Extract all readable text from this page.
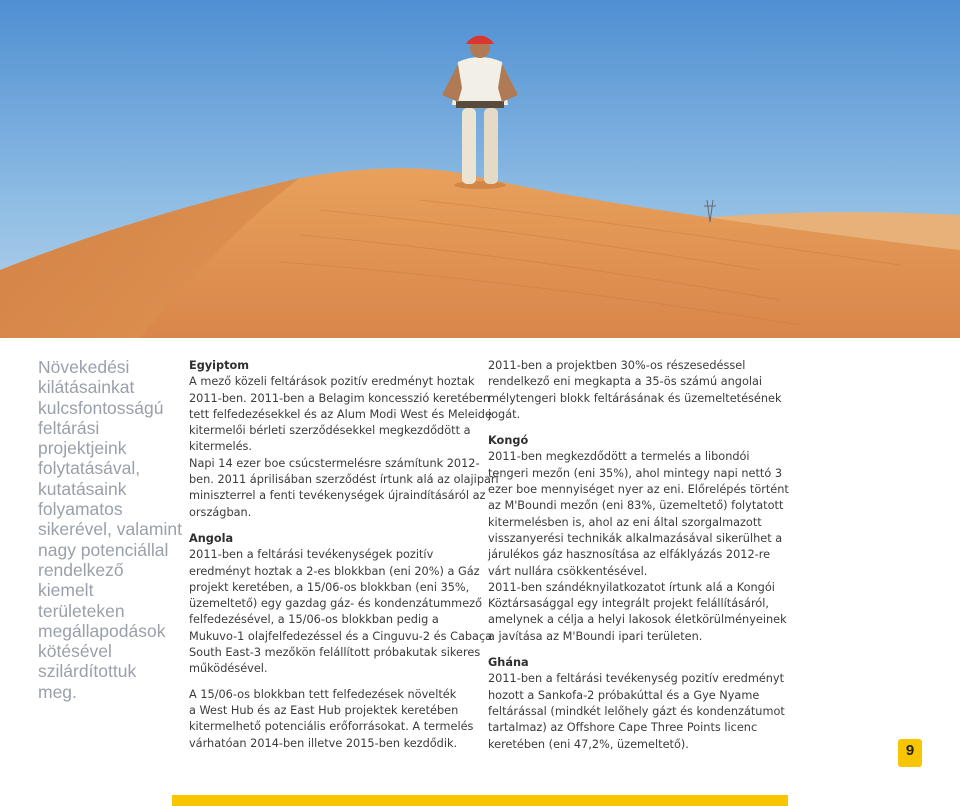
Növekedési
kilátásainkat
kulcsfontosságú
feltárási
projektjeink
folytatásával,
kutatásaink
folyamatos
sikerével, valamint
nagy potenciállal
rendelkező
kiemelt
területeken
megállapodások
kötésével
szilárdítottuk
meg.
Egyiptom
A mező közeli feltárások pozitív eredményt hoztak
2011-ben. 2011-ben a Belagim koncesszió keretében
tett felfedezésekkel és az Alum Modi West és Meleide
kitermelői bérleti szerződésekkel megkezdődött a
kitermelés.
Napi 14 ezer boe csúcstermelésre számítunk 2012-
ben. 2011 áprilisában szerződést írtunk alá az olajipari
miniszterrel a fenti tevékenységek újraindításáról az
országban.
Angola
2011-ben a feltárási tevékenységek pozitív
eredményt hoztak a 2-es blokkban (eni 20%) a Gáz
projekt keretében, a 15/06-os blokkban (eni 35%,
üzemeltető) egy gazdag gáz- és kondenzátummező
felfedezésével, a 15/06-os blokkban pedig a
Mukuvo-1 olajfelfedezéssel és a Cinguvu-2 és Cabaça
South East-3 mezőkön felállított próbakutak sikeres
működésével.
A 15/06-os blokkban tett felfedezések növelték
a West Hub és az East Hub projektek keretében
kitermelhető potenciális erőforrásokat. A termelés
várhatóan 2014-ben illetve 2015-ben kezdődik.
2011-ben a projektben 30%-os részesedéssel
rendelkező eni megkapta a 35-ös számú angolai
mélytengeri blokk feltárásának és üzemeltetésének
jogát.
Kongó
2011-ben megkezdődött a termelés a libondói
tengeri mezőn (eni 35%), ahol mintegy napi nettó 3
ezer boe mennyiséget nyer az eni. Előrelépés történt
az M'Boundi mezőn (eni 83%, üzemeltető) folytatott
kitermelésben is, ahol az eni által szorgalmazott
visszanyerési technikák alkalmazásával sikerülhet a
járulékos gáz hasznosítása az elfáklyázás 2012-re
várt nullára csökkentésével.
2011-ben szándéknyilatkozatot írtunk alá a Kongói
Köztársasággal egy integrált projekt felállításáról,
amelynek a célja a helyi lakosok életkörülményeinek
a javítása az M'Boundi ipari területen.
Ghána
2011-ben a feltárási tevékenység pozitív eredményt
hozott a Sankofa-2 próbakúttal és a Gye Nyame
feltárással (mindkét lelőhely gázt és kondenzátumot
tartalmaz) az Offshore Cape Three Points licenc
keretében (eni 47,2%, üzemeltető).	9
